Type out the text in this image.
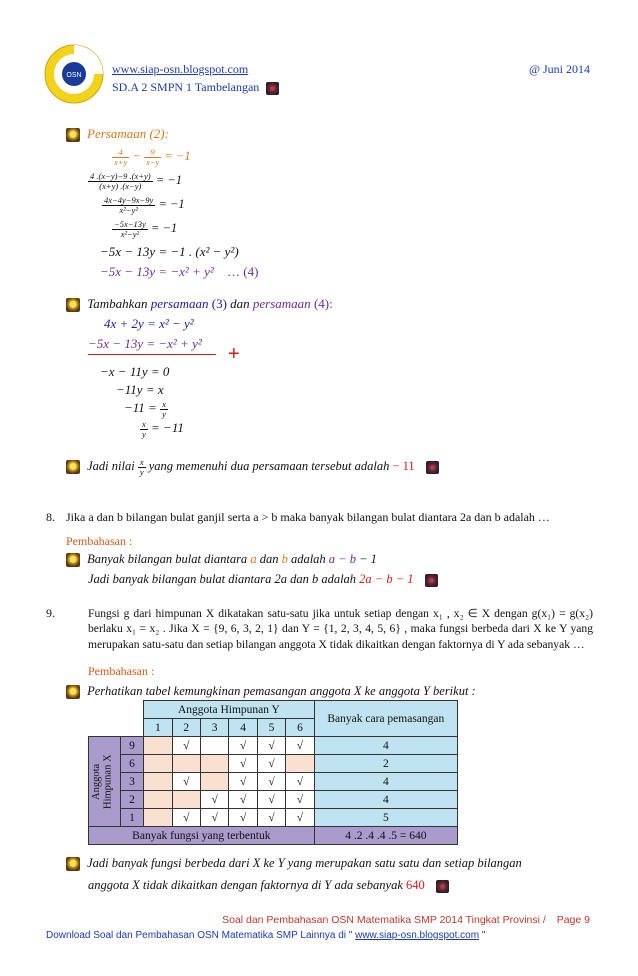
OSN	www.siap-osn.blogspot.com	@ Juni 2014
SD.A 2 SMPN 1 Tambelangan
Persamaan (2):
$\frac{4}{x+y} - \frac{9}{x-y} = -1$
$\frac{4 .(x-y)-9 .(x+y)}{(x+y) .(x-y)} = -1$
$\frac{4x-4y-9x-9y}{\text{x²−y²}} = -1$
$\frac{-5x-13y}{\text{x²−y²}} = -1$
−5x − 13y = −1 . (x² − y²)
−5x − 13y = −x² + y² … (4)
Tambahkan persamaan (3) dan persamaan (4):
4x + 2y = x² − y²
−5x − 13y = −x² + y² +
−x − 11y = 0
−11y = x
$-11 = \frac{x}{y}$
$\frac{x}{y} = -11$
Jadi nilai $\frac{x}{y}$ yang memenuhi dua persamaan tersebut adalah − 11
8. Jika a dan b bilangan bulat ganjil serta a > b maka banyak bilangan bulat diantara 2a dan b adalah …
Pembahasan :
Banyak bilangan bulat diantara a dan b adalah a − b − 1
Jadi banyak bilangan bulat diantara 2a dan b adalah 2a − b − 1
9.	Fungsi g dari himpunan X dikatakan satu-satu jika untuk setiap dengan x₁ , x₂ ∈ X dengan g(x₁) = g(x₂)
berlaku x₁ = x₂ . Jika X = {9, 6, 3, 2, 1} dan Y = {1, 2, 3, 4, 5, 6} , maka fungsi berbeda dari X ke Y yang
merupakan satu-satu dan setiap bilangan anggota X tidak dikaitkan dengan faktornya di Y ada sebanyak …
Pembahasan :
Perhatikan tabel kemungkinan pemasangan anggota X ke anggota Y berikut :
		Anggota Himpunan Y						Banyak cara pemasangan
		1	2	3	4	5	6	

Anggota Himpunan X	9		√		√	√	√	4
	6				√	√		2
	3		√		√	√	√	4
	2			√	√	√	√	4
	1		√	√	√	√	√	5
Banyak fungsi yang terbentuk								4 .2 .4 .4 .5 = 640
Jadi banyak fungsi berbeda dari X ke Y yang merupakan satu satu dan setiap bilangan
anggota X tidak dikaitkan dengan faktornya di Y ada sebanyak 640
Soal dan Pembahasan OSN Matematika SMP 2014 Tingkat Provinsi / Page 9
Download Soal dan Pembahasan OSN Matematika SMP Lainnya di " www.siap-osn.blogspot.com "
